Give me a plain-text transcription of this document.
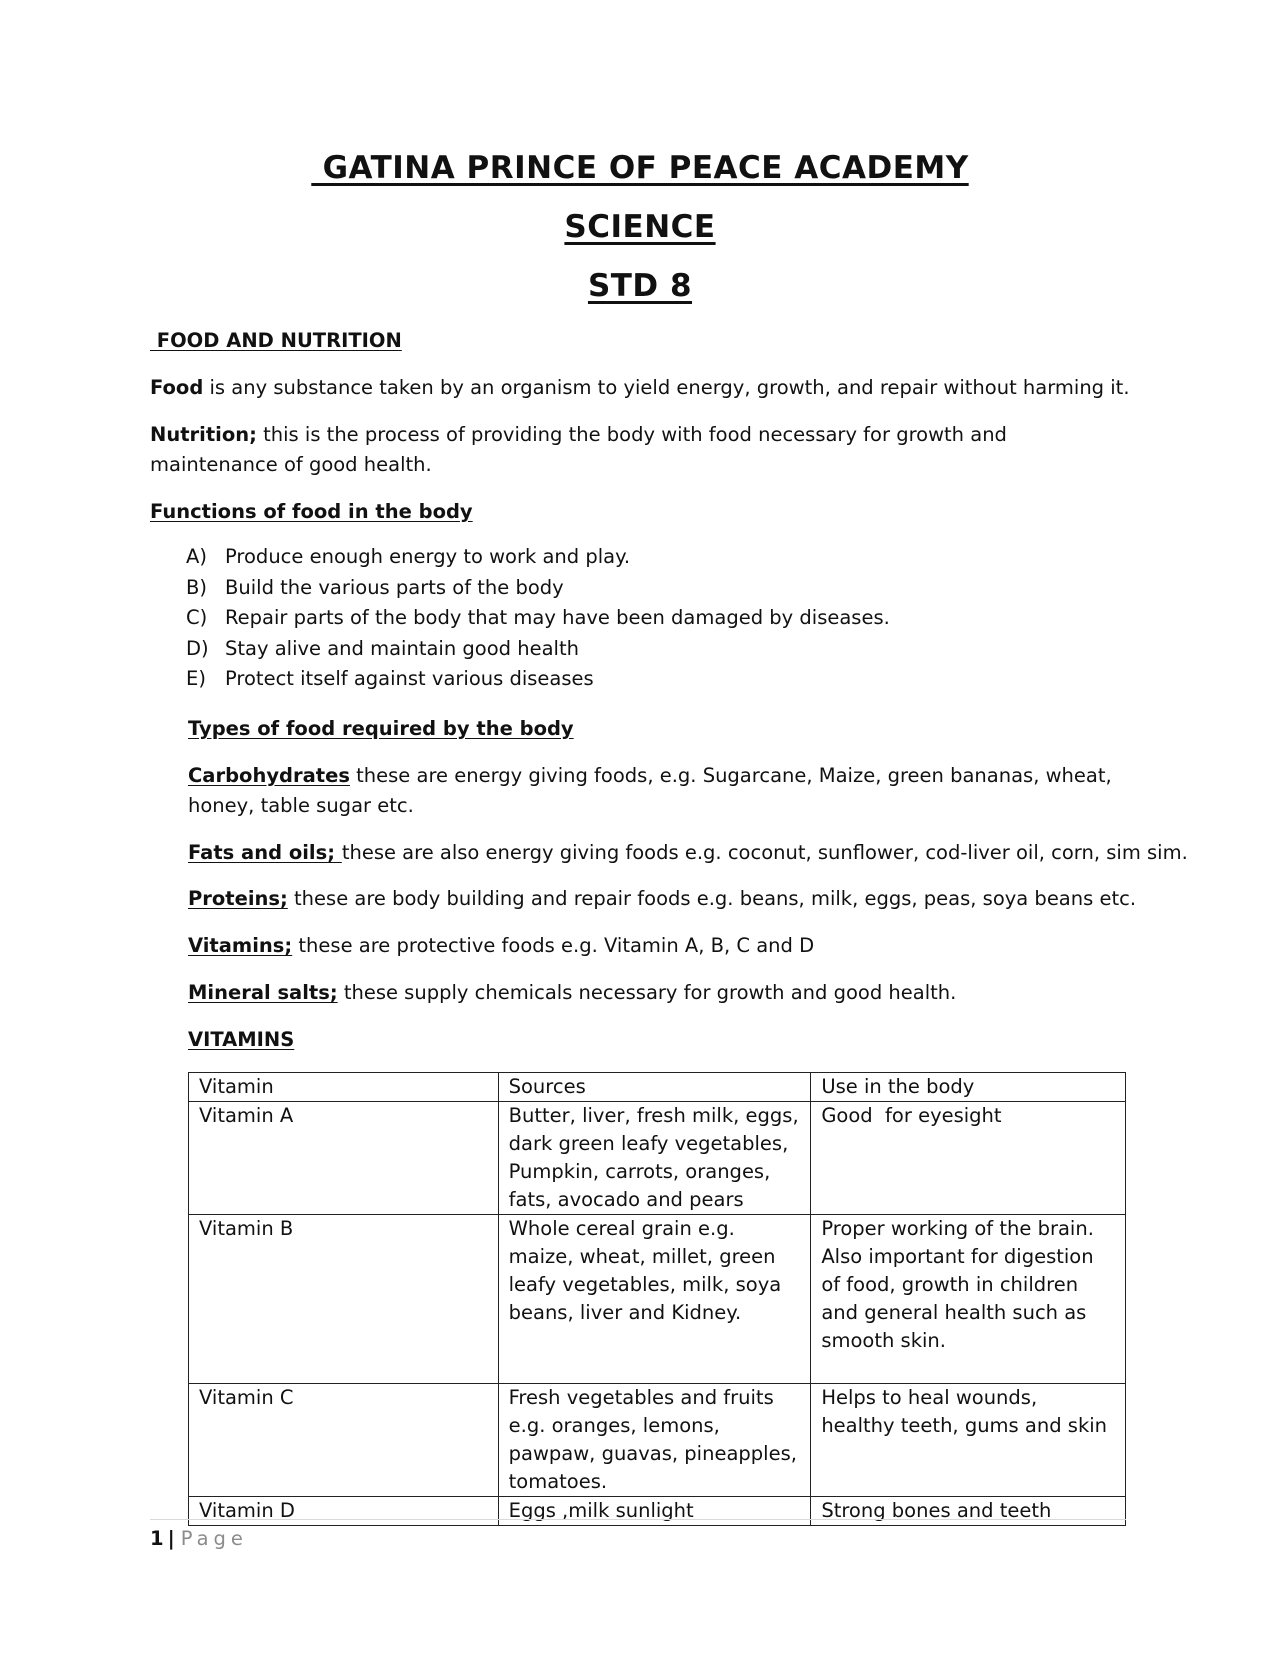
GATINA PRINCE OF PEACE ACADEMY
SCIENCE
STD 8
FOOD AND NUTRITION
Food is any substance taken by an organism to yield energy, growth, and repair without harming it.
Nutrition; this is the process of providing the body with food necessary for growth and maintenance of good health.
Functions of food in the body
A) Produce enough energy to work and play.
B) Build the various parts of the body
C) Repair parts of the body that may have been damaged by diseases.
D) Stay alive and maintain good health
E) Protect itself against various diseases
Types of food required by the body
Carbohydrates these are energy giving foods, e.g. Sugarcane, Maize, green bananas, wheat, honey, table sugar etc.
Fats and oils; these are also energy giving foods e.g. coconut, sunflower, cod-liver oil, corn, sim sim.
Proteins; these are body building and repair foods e.g. beans, milk, eggs, peas, soya beans etc.
Vitamins; these are protective foods e.g. Vitamin A, B, C and D
Mineral salts; these supply chemicals necessary for growth and good health.
VITAMINS
Vitamin	Sources	Use in the body
Vitamin A	Butter, liver, fresh milk, eggs, dark green leafy vegetables, Pumpkin, carrots, oranges, fats, avocado and pears	Good  for eyesight
Vitamin B	Whole cereal grain e.g. maize, wheat, millet, green leafy vegetables, milk, soya beans, liver and Kidney.	Proper working of the brain. Also important for digestion of food, growth in children and general health such as smooth skin.
Vitamin C	Fresh vegetables and fruits e.g. oranges, lemons, pawpaw, guavas, pineapples, tomatoes.	Helps to heal wounds, healthy teeth, gums and skin
Vitamin D	Eggs ,milk sunlight	Strong bones and teeth
1 | Page
